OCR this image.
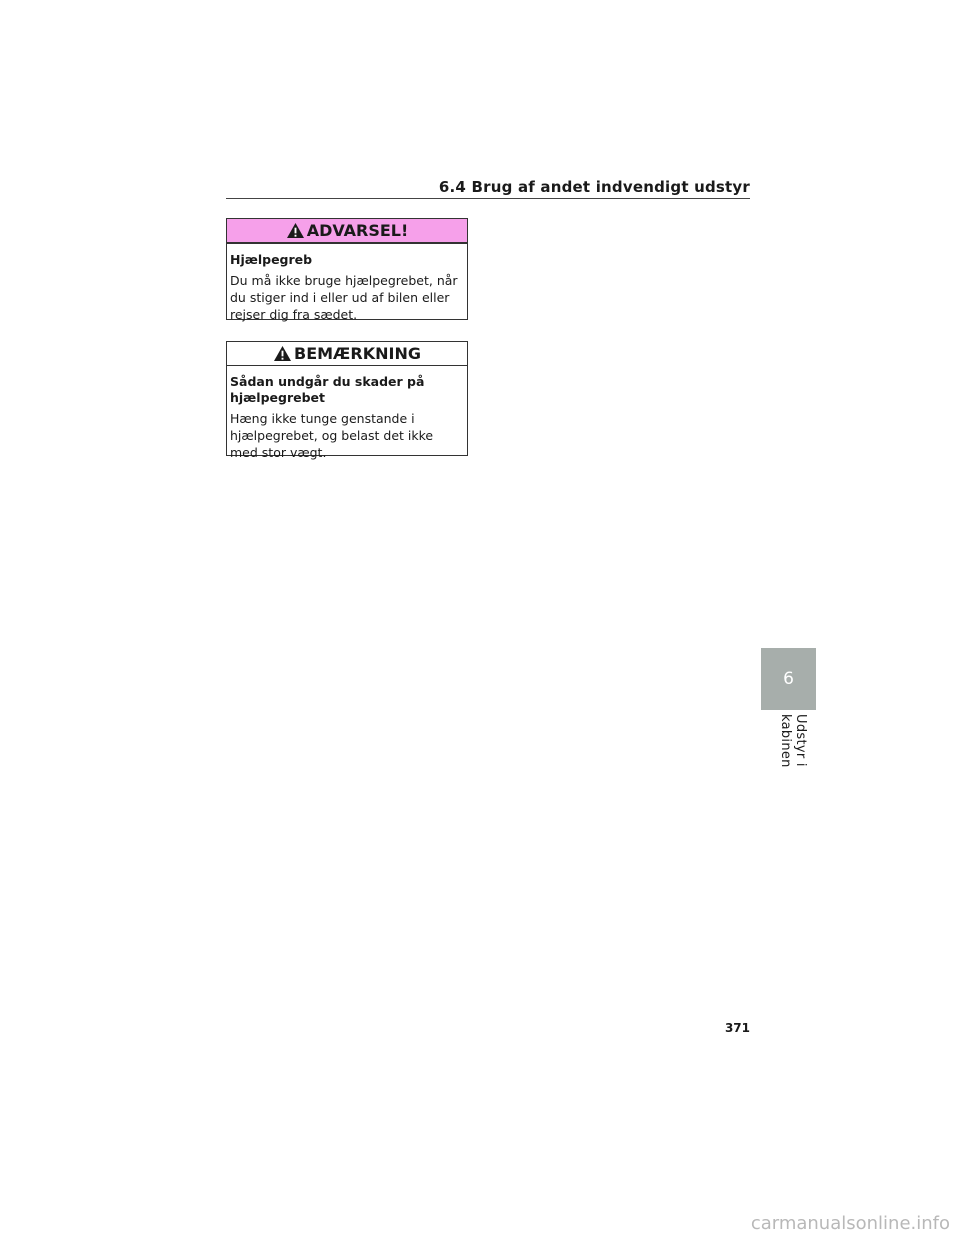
6.4 Brug af andet indvendigt udstyr
ADVARSEL!

Hjælpegreb

Du må ikke bruge hjælpegrebet, når du stiger ind i eller ud af bilen eller rejser dig fra sædet.

BEMÆRKNING

Sådan undgår du skader på hjælpegrebet

Hæng ikke tunge genstande i hjælpegrebet, og belast det ikke med stor vægt.

6
Udstyr i kabinen
371
carmanualsonline.info
